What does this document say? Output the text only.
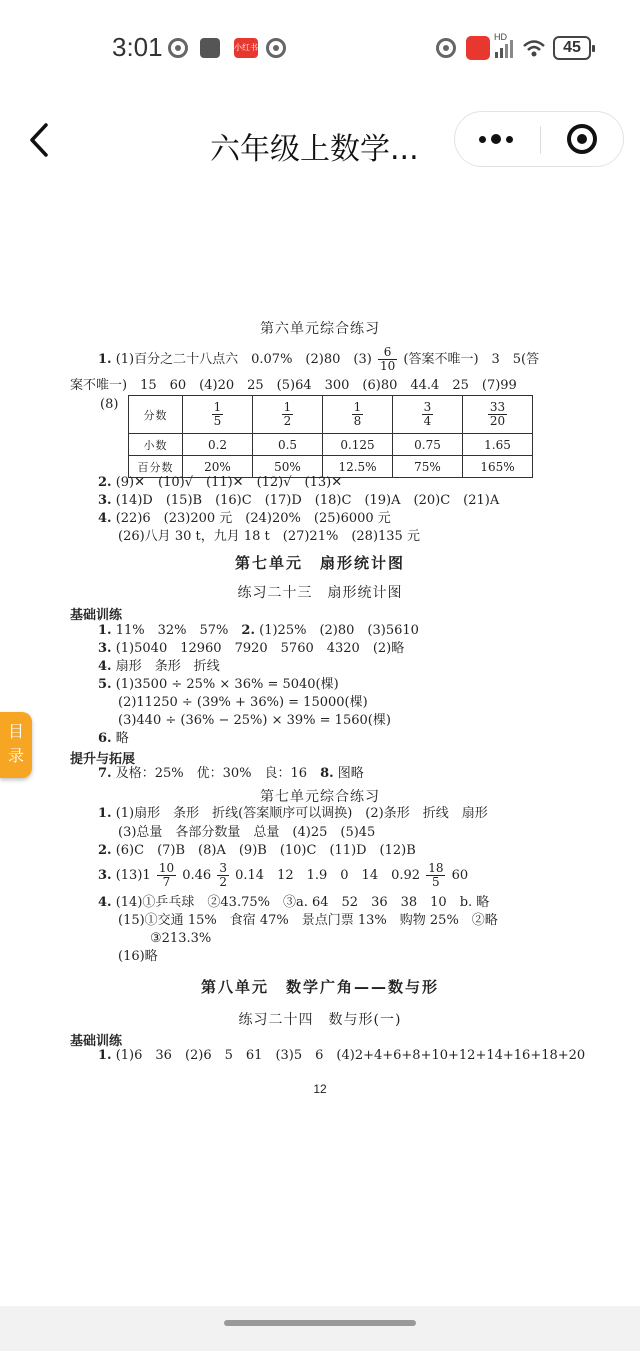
3:01	小红书
HD
45
六年级上数学...
第六单元综合练习
1. (1)百分之二十八点六　0.07%　(2)80　$(3) \frac{6}{10}$ (答案不唯一)　3　5(答
案不唯一)　15　60　(4)20　25　(5)64　300　(6)80　44.4　25　(7)99
(8)
分数	$\frac{1}{5}$	$\frac{1}{2}$	$\frac{1}{8}$	$\frac{3}{4}$	$\frac{33}{20}$

小数	0.2	0.5	0.125	0.75	1.65
百分数	20%	50%	12.5%	75%	165%
2. (9)✕　(10)√　(11)✕　(12)√　(13)✕
3. (14)D　(15)B　(16)C　(17)D　(18)C　(19)A　(20)C　(21)A
4. (22)6　(23)200 元　(24)20%　(25)6000 元
(26)八月 30 t，九月 18 t　(27)21%　(28)135 元
第七单元　扇形统计图
练习二十三　扇形统计图
基础训练
1. 11%　32%　57%　 2. (1)25%　(2)80　(3)5610
3. (1)5040　12960　7920　5760　4320　(2)略
4. 扇形　条形　折线
5. (1)3500 ÷ 25% × 36% = 5040(棵)
(2)11250 ÷ (39% + 36%) = 15000(棵)
(3)440 ÷ (36% − 25%) × 39% = 1560(棵)
6. 略
提升与拓展
7. 及格：25%　优：30%　良：16　 8. 图略
第七单元综合练习
1. (1)扇形　条形　折线(答案顺序可以调换)　(2)条形　折线　扇形
(3)总量　各部分数量　总量　(4)25　(5)45
2. (6)C　(7)B　(8)A　(9)B　(10)C　(11)D　(12)B
3. $(13)1 \frac{10}{7} 0.46 \frac{3}{2} 0.14$　12　1.9　0　14　$0.92 \frac{18}{5} 60$
4. (14)①乒乓球　②43.75%　③a. 64　52　36　38　10　b. 略
(15)①交通 15%　食宿 47%　景点门票 13%　购物 25%　②略
③213.3%
(16)略
第八单元　数学广角——数与形
练习二十四　数与形(一)
基础训练
1. (1)6　36　(2)6　5　61　(3)5　6　(4)2+4+6+8+10+12+14+16+18+20
12
目录
